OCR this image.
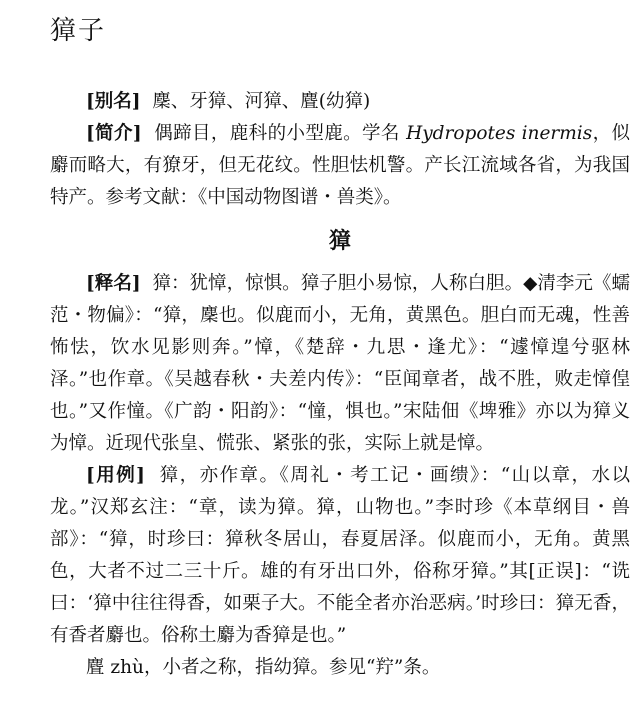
獐子

[别名] 麇、牙獐、河獐、麆(幼獐)

[简介] 偶蹄目，鹿科的小型鹿。学名 Hydropotes inermis，似麝而略大，有獠牙，但无花纹。性胆怯机警。产长江流域各省，为我国特产。参考文献：《中国动物图谱・兽类》。

獐

[释名] 獐：犹慞，惊惧。獐子胆小易惊，人称白胆。◆清李元《蠕范・物偏》：“獐，麇也。似鹿而小，无角，黄黑色。胆白而无魂，性善怖怯，饮水见影则奔。”慞，《楚辞・九思・逢尤》：“遽慞遑兮驱林泽。”也作章。《吴越春秋・夫差内传》：“臣闻章者，战不胜，败走慞偟也。”又作憧。《广韵・阳韵》：“憧，惧也。”宋陆佃《埤雅》亦以为獐义为慞。近现代张皇、慌张、紧张的张，实际上就是慞。

[用例] 獐，亦作章。《周礼・考工记・画缋》：“山以章，水以龙。”汉郑玄注：“章，读为獐。獐，山物也。”李时珍《本草纲目・兽部》：“獐，时珍曰：獐秋冬居山，春夏居泽。似鹿而小，无角。黄黑色，大者不过二三十斤。雄的有牙出口外，俗称牙獐。”其[正误]：“诜曰：‘獐中往往得香，如栗子大。不能全者亦治恶病。’时珍曰：獐无香，有香者麝也。俗称土麝为香獐是也。”

麆 zhù，小者之称，指幼獐。参见“羜”条。
